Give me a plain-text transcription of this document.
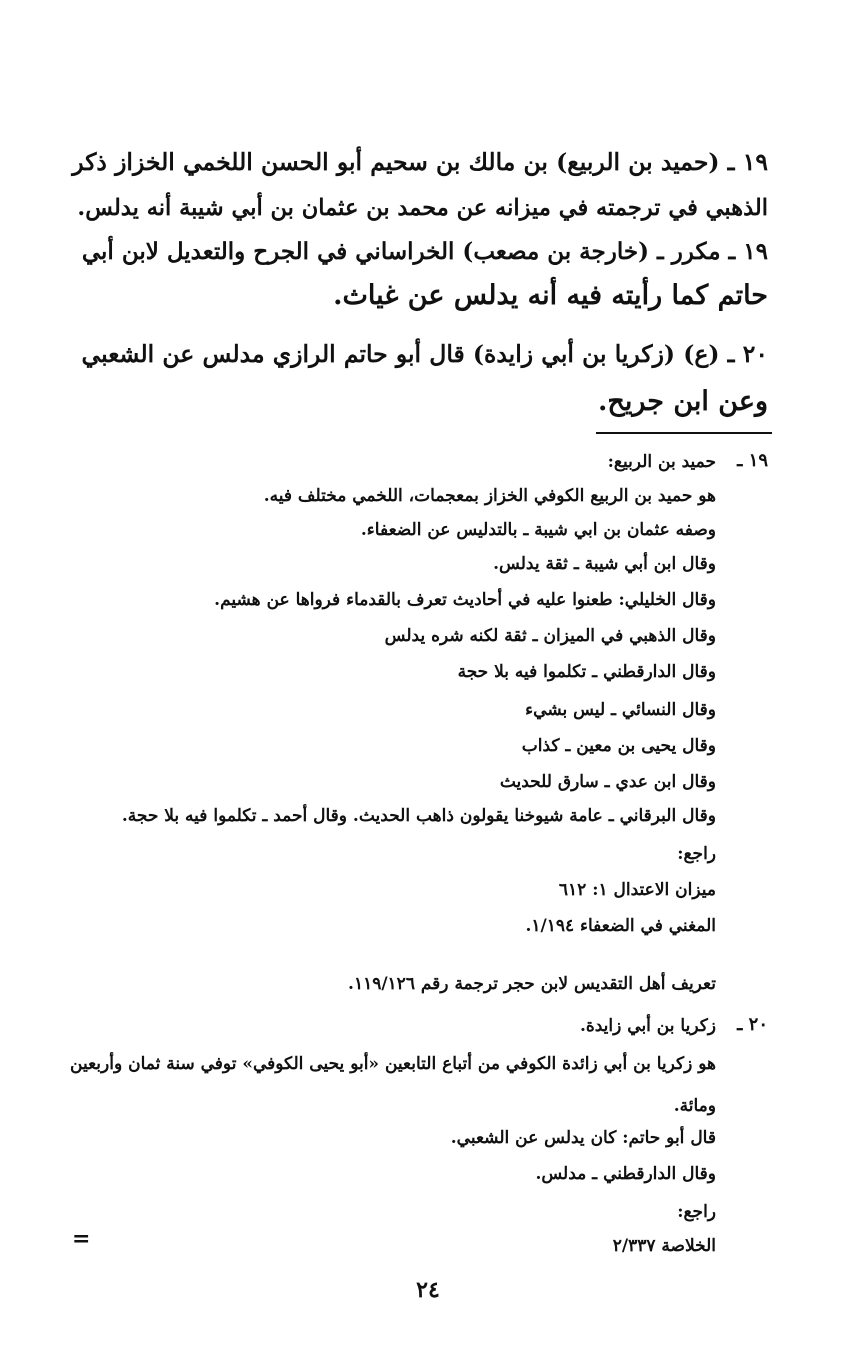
١٩ ـ (حميد بن الربيع) بن مالك بن سحيم أبو الحسن اللخمي الخزاز ذكر
الذهبي في ترجمته في ميزانه عن محمد بن عثمان بن أبي شيبة أنه يدلس.
١٩ ـ مكرر ـ (خارجة بن مصعب) الخراساني في الجرح والتعديل لابن أبي
حاتم كما رأيته فيه أنه يدلس عن غياث.
٢٠ ـ (ع) (زكريا بن أبي زايدة) قال أبو حاتم الرازي مدلس عن الشعبي
وعن ابن جريح.
١٩ ـ
حميد بن الربيع:
هو حميد بن الربيع الكوفي الخزاز بمعجمات، اللخمي مختلف فيه.
وصفه عثمان بن ابي شيبة ـ بالتدليس عن الضعفاء.
وقال ابن أبي شيبة ـ ثقة يدلس.
وقال الخليلي: طعنوا عليه في أحاديث تعرف بالقدماء فرواها عن هشيم.
وقال الذهبي في الميزان ـ ثقة لكنه شره يدلس
وقال الدارقطني ـ تكلموا فيه بلا حجة
وقال النسائي ـ ليس بشيء
وقال يحيى بن معين ـ كذاب
وقال ابن عدي ـ سارق للحديث
وقال البرقاني ـ عامة شيوخنا يقولون ذاهب الحديث. وقال أحمد ـ تكلموا فيه بلا حجة.
راجع:
ميزان الاعتدال ١: ٦١٢
المغني في الضعفاء ١/١٩٤.
تعريف أهل التقديس لابن حجر ترجمة رقم ١١٩/١٢٦.
٢٠ ـ
زكريا بن أبي زايدة.
هو زكريا بن أبي زائدة الكوفي من أتباع التابعين «أبو يحيى الكوفي» توفي سنة ثمان وأربعين
ومائة.
قال أبو حاتم: كان يدلس عن الشعبي.
وقال الدارقطني ـ مدلس.
راجع:
الخلاصة ٢/٣٣٧
=
٢٤
